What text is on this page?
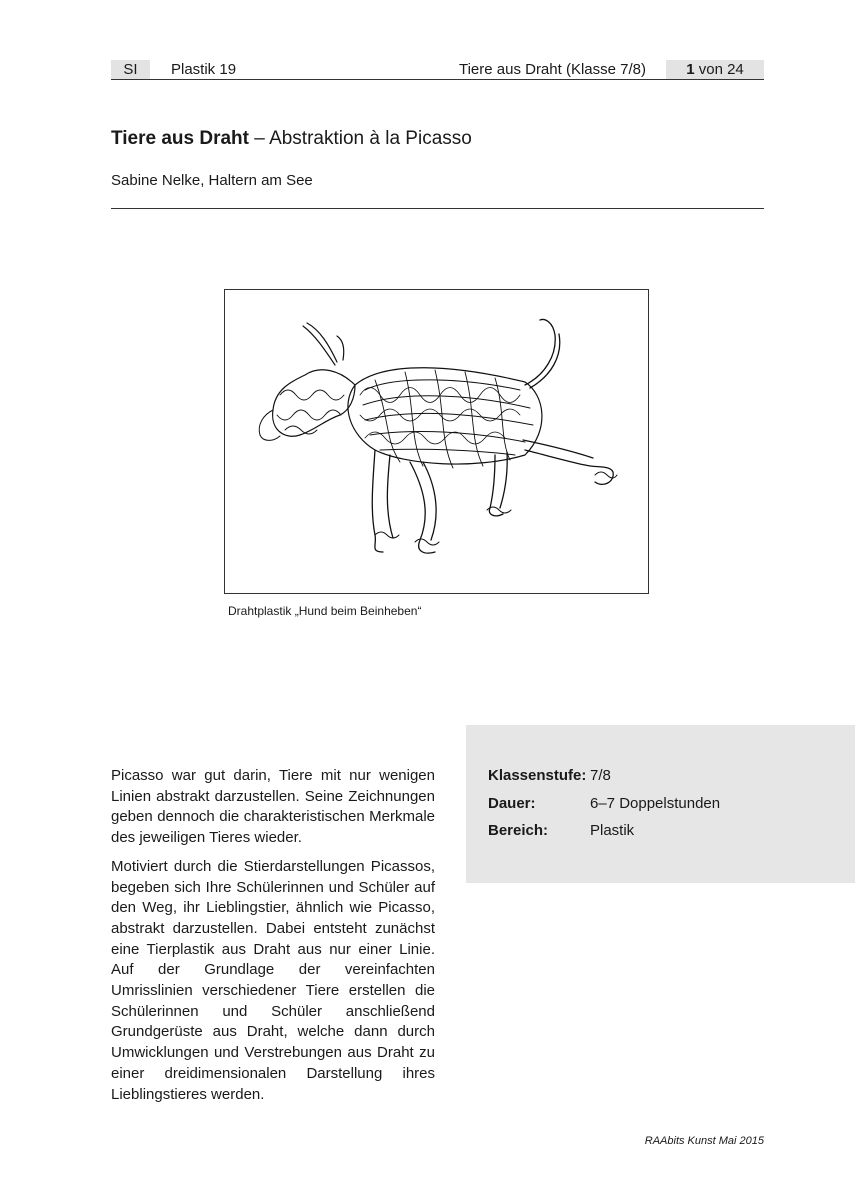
SI	Plastik 19	Tiere aus Draht (Klasse 7/8)	1 von 24
Tiere aus Draht – Abstraktion à la Picasso
Sabine Nelke, Haltern am See
Drahtplastik „Hund beim Beinheben“
Klassenstufe: 7/8
Dauer:	6–7 Doppelstunden
Bereich:	Plastik

Picasso war gut darin, Tiere mit nur wenigen Linien abstrakt darzustellen. Seine Zeichnungen geben dennoch die charakteristischen Merkmale des jeweiligen Tieres wieder.

Motiviert durch die Stierdarstellungen Picassos, begeben sich Ihre Schülerinnen und Schüler auf den Weg, ihr Lieblingstier, ähnlich wie Picasso, abstrakt darzustellen. Dabei entsteht zunächst eine Tierplastik aus Draht aus nur einer Linie. Auf der Grundlage der vereinfachten Umrisslinien verschiedener Tiere erstellen die Schülerinnen und Schüler anschließend Grundgerüste aus Draht, welche dann durch Umwicklungen und Verstrebungen aus Draht zu einer dreidimensionalen Darstellung ihres Lieblingstieres werden.

RAAbits Kunst Mai 2015
